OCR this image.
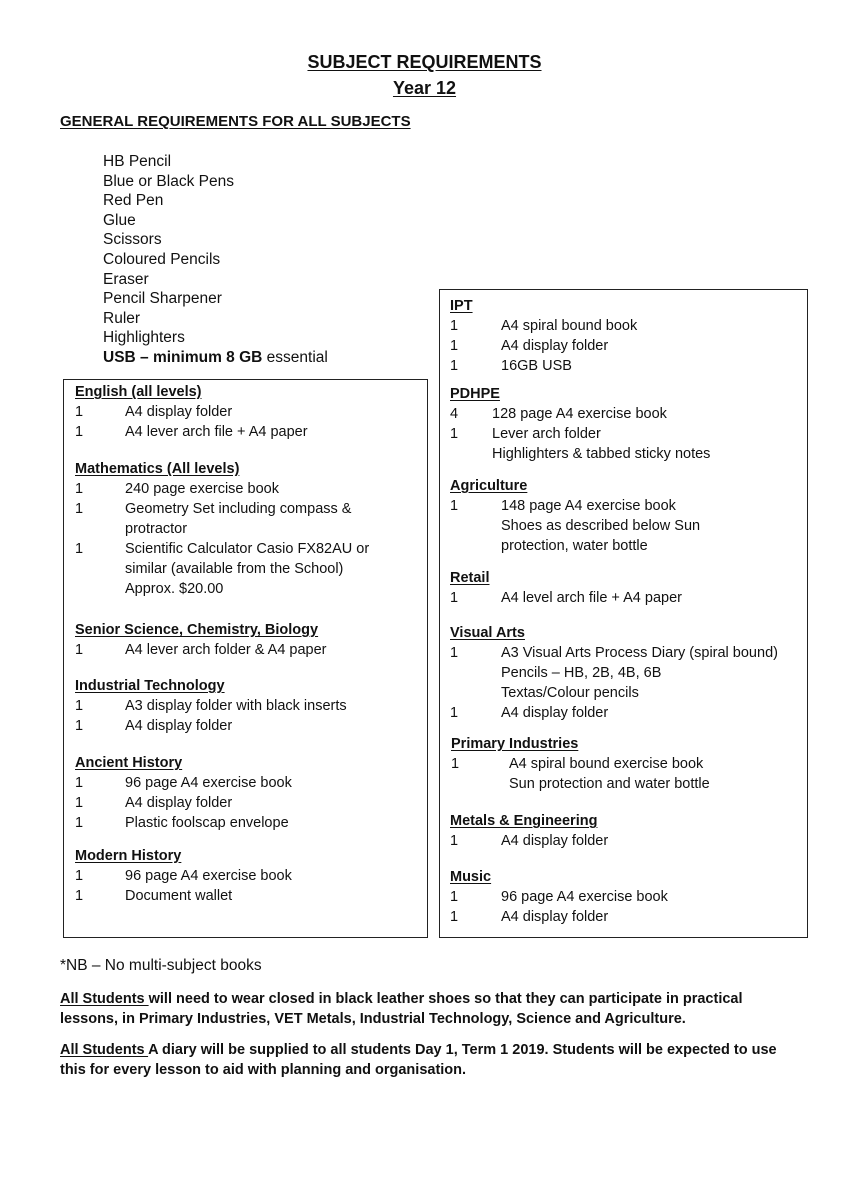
SUBJECT REQUIREMENTS
Year 12
GENERAL REQUIREMENTS FOR ALL SUBJECTS
HB Pencil
Blue or Black Pens
Red Pen
Glue
Scissors
Coloured Pencils
Eraser
Pencil Sharpener
Ruler
Highlighters
USB – minimum 8 GB essential
English (all levels)
1	A4 display folder
1	A4 lever arch file + A4 paper
Mathematics (All levels)
1	240 page exercise book
1	Geometry Set including compass &
protractor
1	Scientific Calculator Casio FX82AU or
similar (available from the School)
Approx. $20.00
Senior Science, Chemistry, Biology
1	A4 lever arch folder & A4 paper
Industrial Technology
1	A3 display folder with black inserts
1	A4 display folder
Ancient History
1	96 page A4 exercise book
1	A4 display folder
1	Plastic foolscap envelope
Modern History
1	96 page A4 exercise book
1	Document wallet
IPT
1	A4 spiral bound book
1	A4 display folder
1	16GB USB
PDHPE
4	128 page A4 exercise book
1	Lever arch folder
Highlighters & tabbed sticky notes
Agriculture
1	148 page A4 exercise book
Shoes as described below Sun
protection, water bottle
Retail
1	A4 level arch file + A4 paper
Visual Arts
1	A3 Visual Arts Process Diary (spiral bound)
Pencils – HB, 2B, 4B, 6B
Textas/Colour pencils
1	A4 display folder
Primary Industries
1	A4 spiral bound exercise book
Sun protection and water bottle
Metals & Engineering
1	A4 display folder
Music
1	96 page A4 exercise book
1	A4 display folder
*NB – No multi-subject books
All Students will need to wear closed in black leather shoes so that they can participate in practical lessons, in Primary Industries, VET Metals, Industrial Technology, Science and Agriculture.
All Students A diary will be supplied to all students Day 1, Term 1 2019. Students will be expected to use this for every lesson to aid with planning and organisation.
